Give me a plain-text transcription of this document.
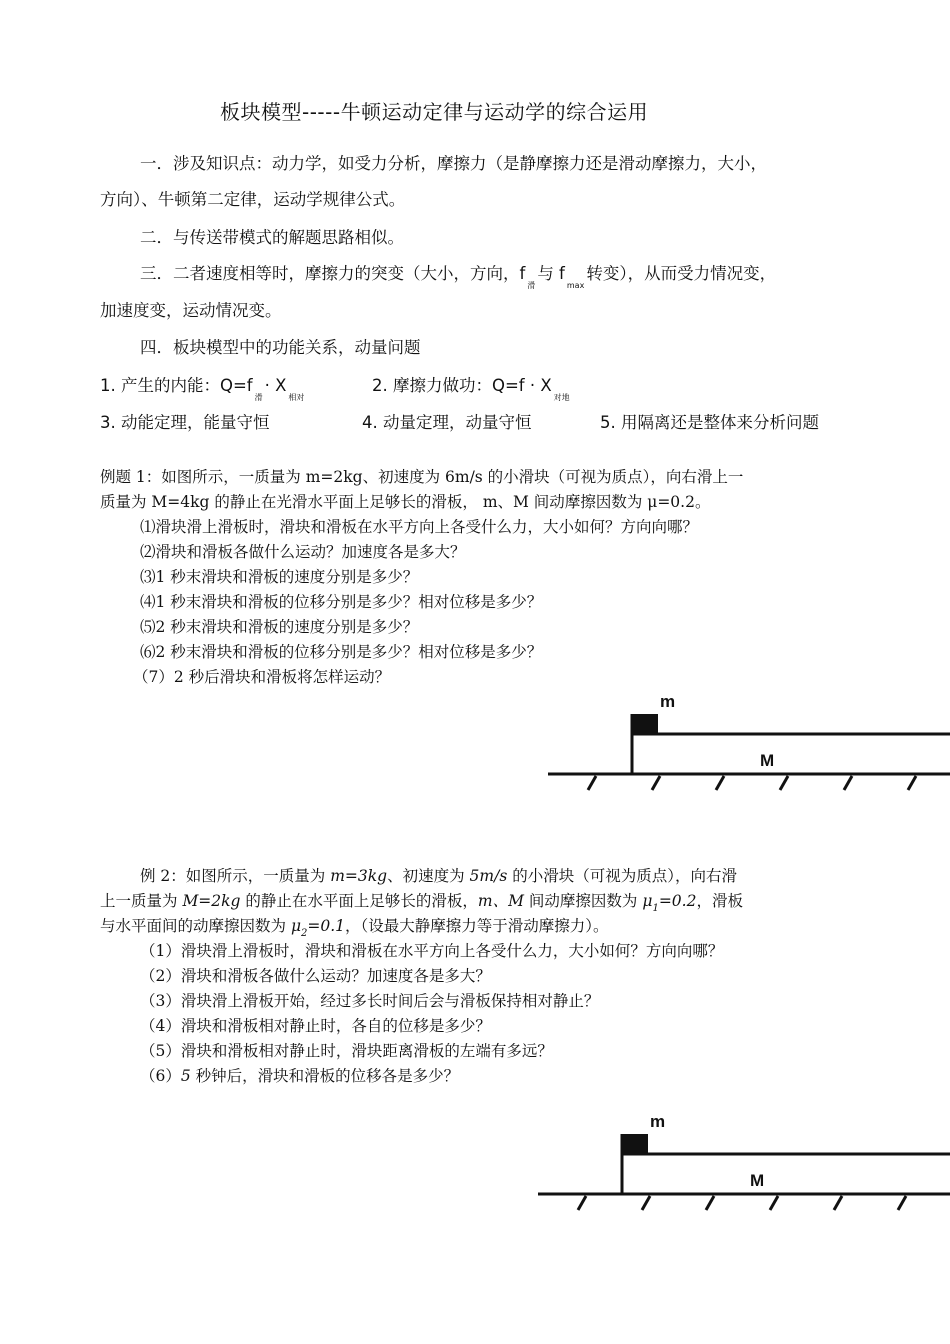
板块模型-----牛顿运动定律与运动学的综合运用
一．涉及知识点：动力学，如受力分析，摩擦力（是静摩擦力还是滑动摩擦力，大小，
方向）、牛顿第二定律，运动学规律公式。
二．与传送带模式的解题思路相似。
三．二者速度相等时，摩擦力的突变（大小，方向，$f_滑$与 $f_{max}$转变），从而受力情况变，
加速度变，运动情况变。
四．板块模型中的功能关系，动量问题
1. 产生的内能：$Q=f_滑\cdot X_{相对}$
2. 摩擦力做功：$Q=f \cdot X_{对地}$
3. 动能定理，能量守恒	4. 动量定理，动量守恒	5. 用隔离还是整体来分析问题
例题 1：如图所示，一质量为 m=2kg、初速度为 6m/s 的小滑块（可视为质点），向右滑上一
质量为 M=4kg 的静止在光滑水平面上足够长的滑板， m、M 间动摩擦因数为 μ=0.2。
⑴滑块滑上滑板时，滑块和滑板在水平方向上各受什么力，大小如何？方向向哪？
⑵滑块和滑板各做什么运动？加速度各是多大？
⑶1 秒末滑块和滑板的速度分别是多少？
⑷1 秒末滑块和滑板的位移分别是多少？相对位移是多少？
⑸2 秒末滑块和滑板的速度分别是多少？
⑹2 秒末滑块和滑板的位移分别是多少？相对位移是多少？
（7）2 秒后滑块和滑板将怎样运动？
m
M
例 2：如图所示，一质量为 m=3kg、初速度为 5m/s 的小滑块（可视为质点），向右滑
上一质量为 M=2kg 的静止在水平面上足够长的滑板，m、M 间动摩擦因数为 $\mu_1=0.2$，滑板
与水平面间的动摩擦因数为 $\mu_2=0.1$，（设最大静摩擦力等于滑动摩擦力）。
（1）滑块滑上滑板时，滑块和滑板在水平方向上各受什么力，大小如何？方向向哪？
（2）滑块和滑板各做什么运动？加速度各是多大？
（3）滑块滑上滑板开始，经过多长时间后会与滑板保持相对静止？
（4）滑块和滑板相对静止时，各自的位移是多少？
（5）滑块和滑板相对静止时，滑块距离滑板的左端有多远？
（6）5 秒钟后，滑块和滑板的位移各是多少？
m
M
